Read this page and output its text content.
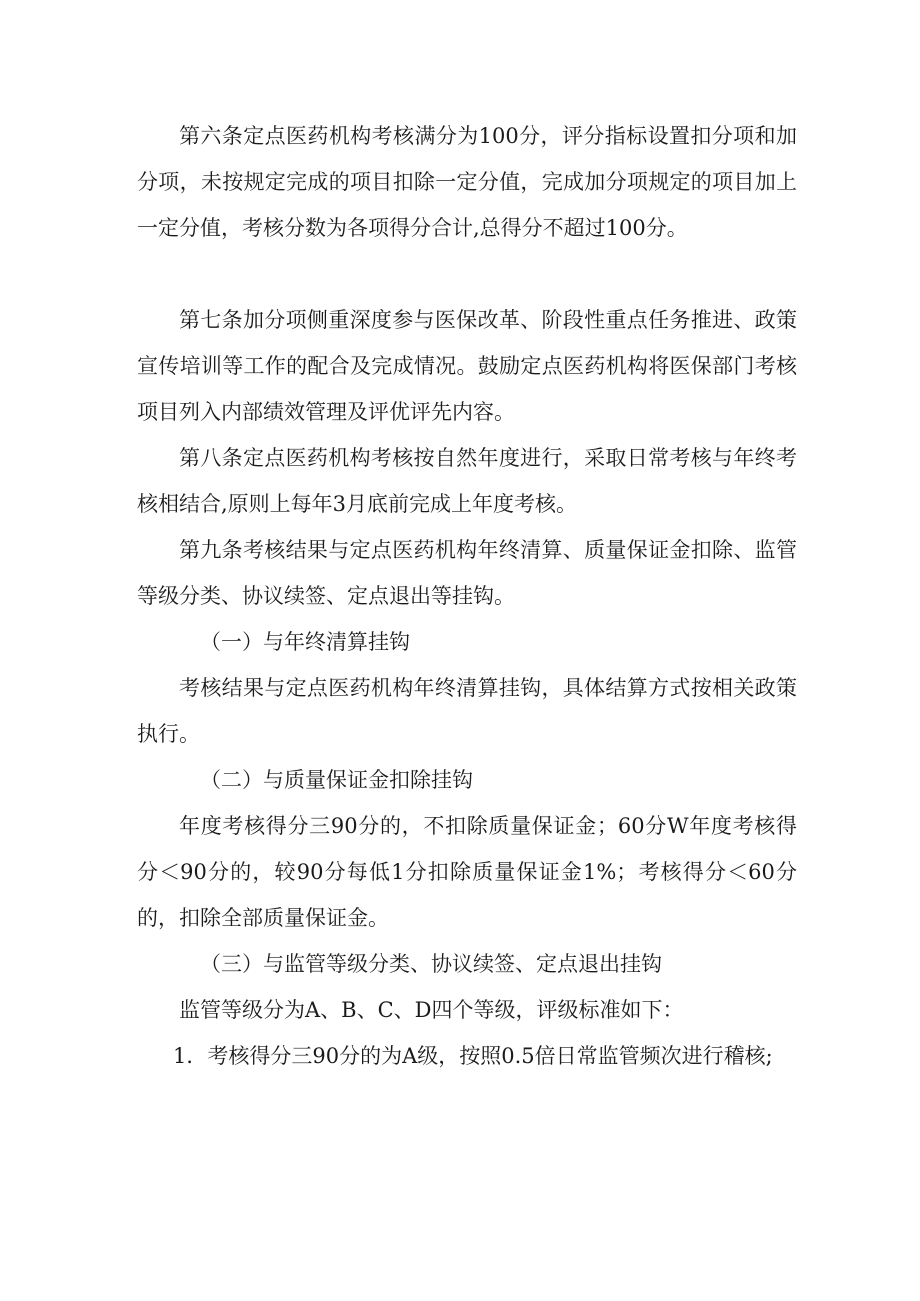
第六条定点医药机构考核满分为100分，评分指标设置扣分项和加分项，未按规定完成的项目扣除一定分值，完成加分项规定的项目加上一定分值，考核分数为各项得分合计,总得分不超过100分。

第七条加分项侧重深度参与医保改革、阶段性重点任务推进、政策宣传培训等工作的配合及完成情况。鼓励定点医药机构将医保部门考核项目列入内部绩效管理及评优评先内容。

第八条定点医药机构考核按自然年度进行，采取日常考核与年终考核相结合,原则上每年3月底前完成上年度考核。

第九条考核结果与定点医药机构年终清算、质量保证金扣除、监管等级分类、协议续签、定点退出等挂钩。

（一）与年终清算挂钩

考核结果与定点医药机构年终清算挂钩，具体结算方式按相关政策执行。

（二）与质量保证金扣除挂钩

年度考核得分三90分的，不扣除质量保证金；60分W年度考核得分＜90分的，较90分每低1分扣除质量保证金1%；考核得分＜60分的，扣除全部质量保证金。

（三）与监管等级分类、协议续签、定点退出挂钩

监管等级分为A、B、C、D四个等级，评级标准如下：

1．考核得分三90分的为A级，按照0.5倍日常监管频次进行稽核;
